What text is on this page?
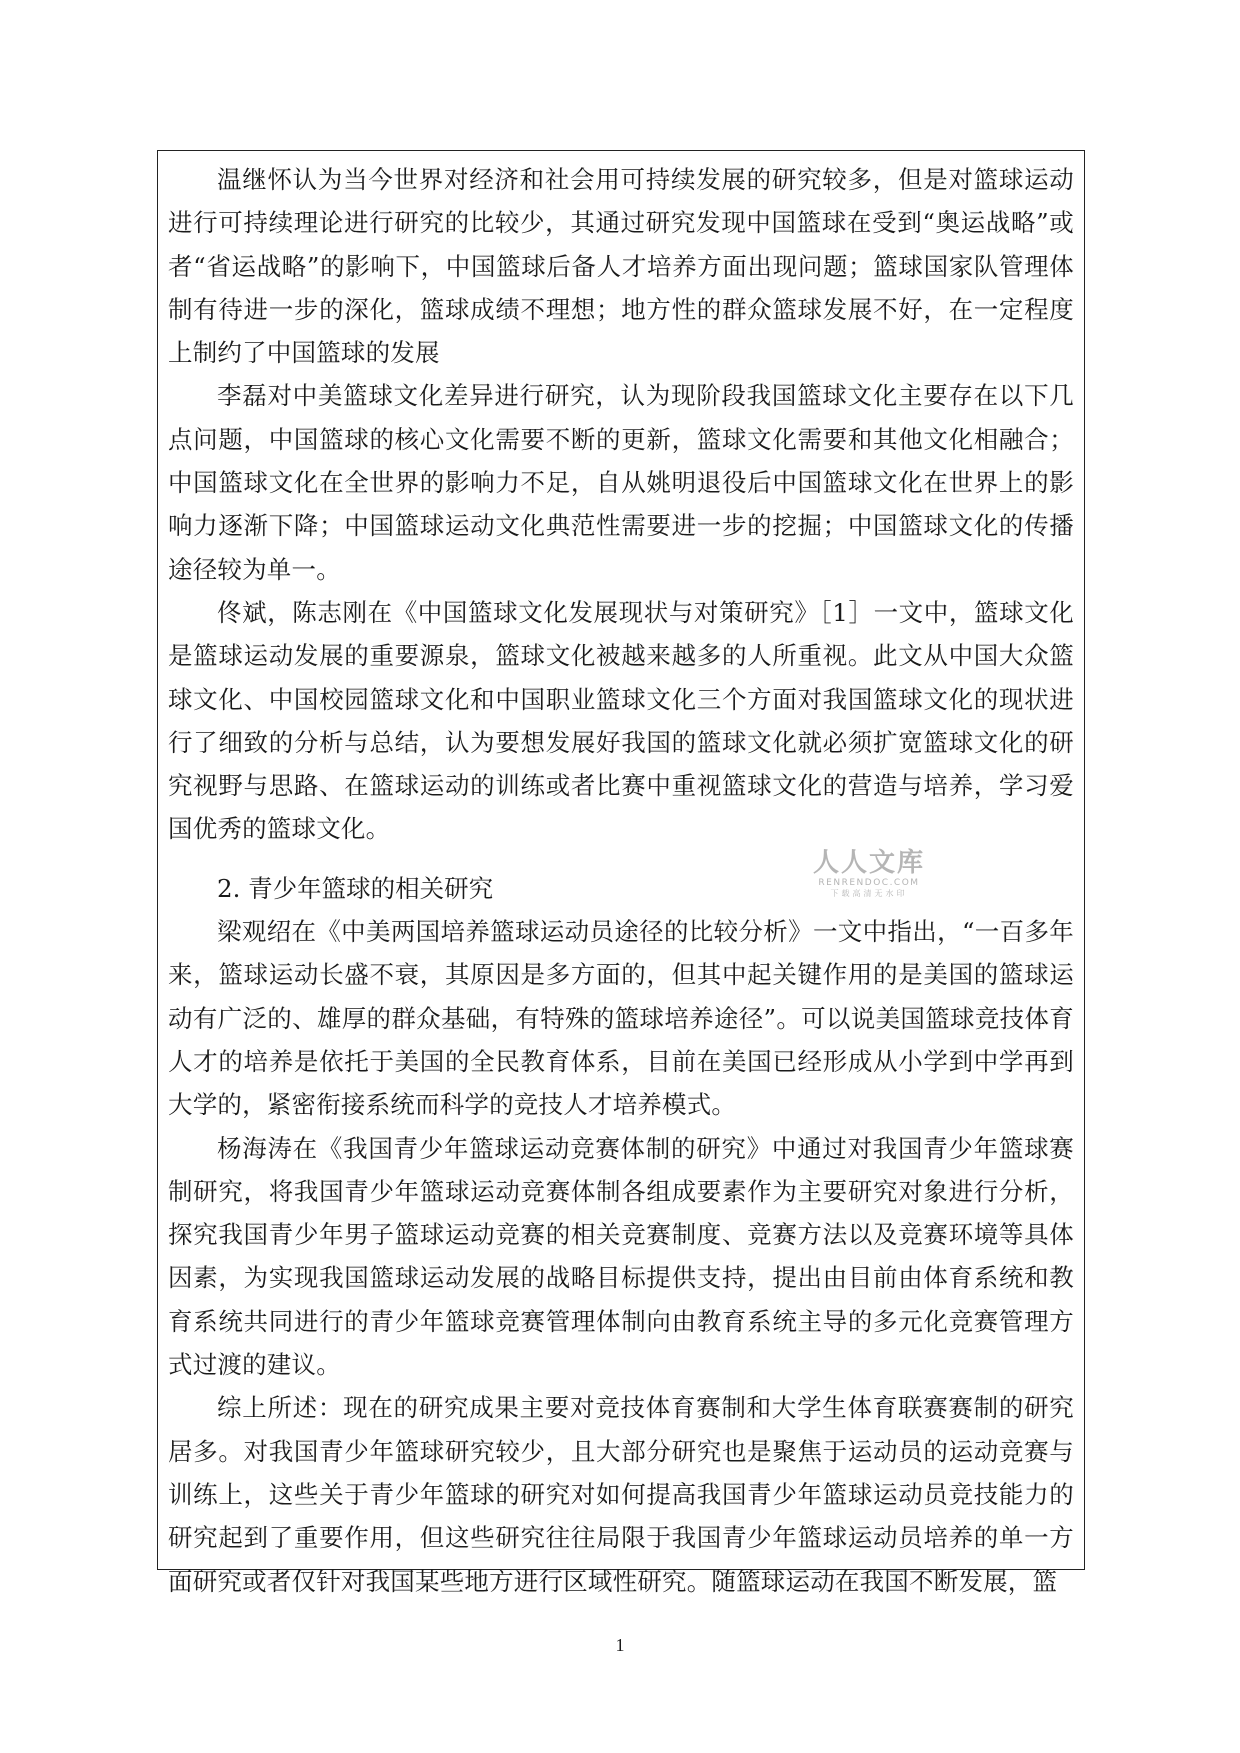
温继怀认为当今世界对经济和社会用可持续发展的研究较多，但是对篮球运动进行可持续理论进行研究的比较少，其通过研究发现中国篮球在受到“奥运战略”或者“省运战略”的影响下，中国篮球后备人才培养方面出现问题；篮球国家队管理体制有待进一步的深化，篮球成绩不理想；地方性的群众篮球发展不好，在一定程度上制约了中国篮球的发展

李磊对中美篮球文化差异进行研究，认为现阶段我国篮球文化主要存在以下几点问题，中国篮球的核心文化需要不断的更新，篮球文化需要和其他文化相融合；中国篮球文化在全世界的影响力不足，自从姚明退役后中国篮球文化在世界上的影响力逐渐下降；中国篮球运动文化典范性需要进一步的挖掘；中国篮球文化的传播途径较为单一。

佟斌，陈志刚在《中国篮球文化发展现状与对策研究》［1］一文中，篮球文化是篮球运动发展的重要源泉，篮球文化被越来越多的人所重视。此文从中国大众篮球文化、中国校园篮球文化和中国职业篮球文化三个方面对我国篮球文化的现状进行了细致的分析与总结，认为要想发展好我国的篮球文化就必须扩宽篮球文化的研究视野与思路、在篮球运动的训练或者比赛中重视篮球文化的营造与培养，学习爱国优秀的篮球文化。

2. 青少年篮球的相关研究

梁观绍在《中美两国培养篮球运动员途径的比较分析》一文中指出，“一百多年来，篮球运动长盛不衰，其原因是多方面的，但其中起关键作用的是美国的篮球运动有广泛的、雄厚的群众基础，有特殊的篮球培养途径”。可以说美国篮球竞技体育人才的培养是依托于美国的全民教育体系，目前在美国已经形成从小学到中学再到大学的，紧密衔接系统而科学的竞技人才培养模式。

杨海涛在《我国青少年篮球运动竞赛体制的研究》中通过对我国青少年篮球赛制研究，将我国青少年篮球运动竞赛体制各组成要素作为主要研究对象进行分析，探究我国青少年男子篮球运动竞赛的相关竞赛制度、竞赛方法以及竞赛环境等具体因素，为实现我国篮球运动发展的战略目标提供支持，提出由目前由体育系统和教育系统共同进行的青少年篮球竞赛管理体制向由教育系统主导的多元化竞赛管理方式过渡的建议。

综上所述：现在的研究成果主要对竞技体育赛制和大学生体育联赛赛制的研究居多。对我国青少年篮球研究较少，且大部分研究也是聚焦于运动员的运动竞赛与训练上，这些关于青少年篮球的研究对如何提高我国青少年篮球运动员竞技能力的研究起到了重要作用，但这些研究往往局限于我国青少年篮球运动员培养的单一方面研究或者仅针对我国某些地方进行区域性研究。随篮球运动在我国不断发展，篮

人人文库
RENRENDOC.COM
下载高清无水印
1
